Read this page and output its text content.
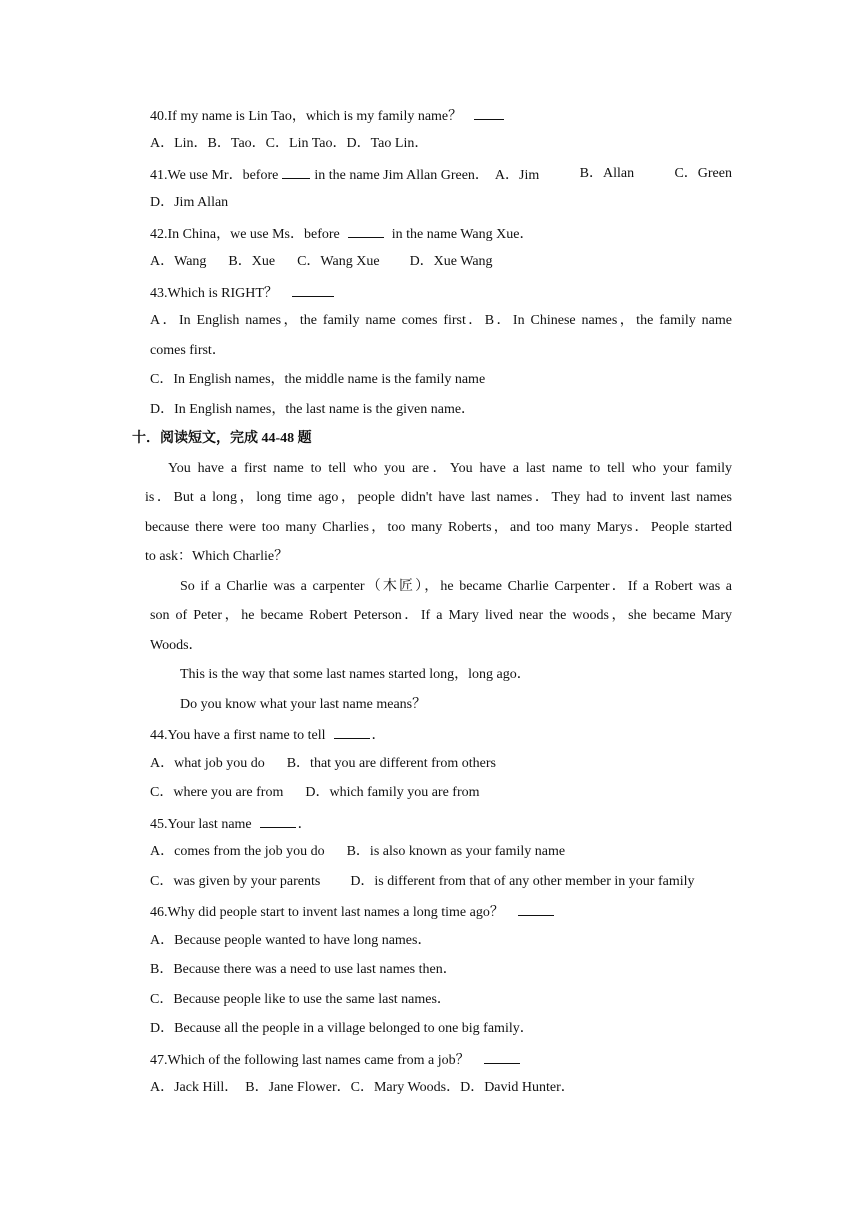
40.If my name is Lin Tao，which is my family name？
A．Lin．B．Tao．C．Lin Tao．D．Tao Lin．
41.We use Mr．before	in the name Jim Allan Green． A．Jim	B．Allan	C．Green
D．Jim Allan
42.In China，we use Ms．before	in the name Wang Xue．
A．Wang B．Xue C．Wang Xue D．Xue Wang
43.Which is RIGHT？
A．In English names，the family name comes first．B．In Chinese names，the family name
comes first．
C．In English names，the middle name is the family name
D．In English names，the last name is the given name．
十．阅读短文，完成 44-48 题
You have a first name to tell who you are．You have a last name to tell who your family
is．But a long，long time ago，people didn't have last names．They had to invent last names
because there were too many Charlies，too many Roberts，and too many Marys．People started
to ask：Which Charlie？
So if a Charlie was a carpenter（木匠），he became Charlie Carpenter．If a Robert was a
son of Peter，he became Robert Peterson．If a Mary lived near the woods，she became Mary
Woods．
This is the way that some last names started long，long ago．
Do you know what your last name means？
44.You have a first name to tell	．
A．what job you do B．that you are different from others
C．where you are from D．which family you are from
45.Your last name	．
A．comes from the job you do B．is also known as your family name
C．was given by your parents D．is different from that of any other member in your family
46.Why did people start to invent last names a long time ago？
A．Because people wanted to have long names．
B．Because there was a need to use last names then．
C．Because people like to use the same last names．
D．Because all the people in a village belonged to one big family．
47.Which of the following last names came from a job？
A．Jack Hill．　B．Jane Flower．C．Mary Woods．D．David Hunter．
